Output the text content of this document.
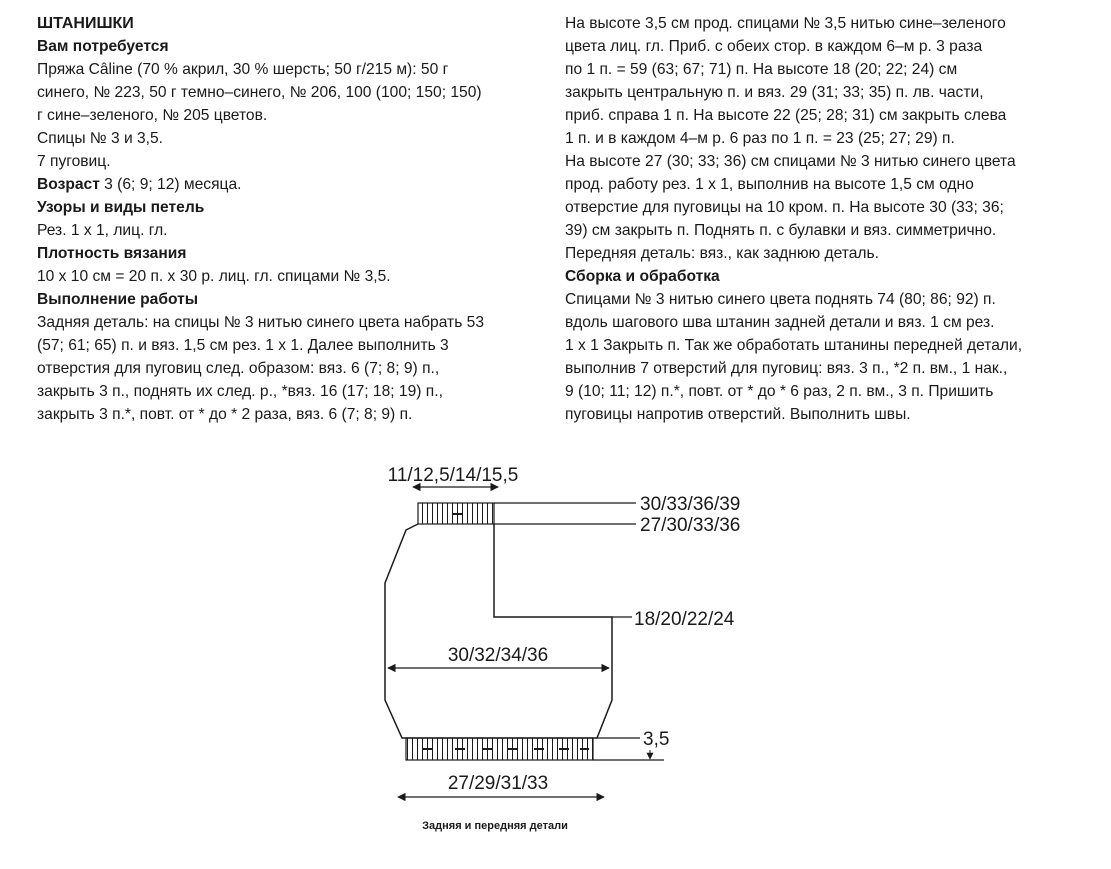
ШТАНИШКИ
Вам потребуется
Пряжа Câline (70 % акрил, 30 % шерсть; 50 г/215 м): 50 г
синего, № 223, 50 г темно–синего, № 206, 100 (100; 150; 150)
г сине–зеленого, № 205 цветов.
Спицы № 3 и 3,5.
7 пуговиц.
Возраст 3 (6; 9; 12) месяца.
Узоры и виды петель
Рез. 1 х 1, лиц. гл.
Плотность вязания
10 х 10 см = 20 п. х 30 р. лиц. гл. спицами № 3,5.
Выполнение работы
Задняя деталь: на спицы № 3 нитью синего цвета набрать 53
(57; 61; 65) п. и вяз. 1,5 см рез. 1 х 1. Далее выполнить 3
отверстия для пуговиц след. образом: вяз. 6 (7; 8; 9) п.,
закрыть 3 п., поднять их след. р., *вяз. 16 (17; 18; 19) п.,
закрыть 3 п.*, повт. от * до * 2 раза, вяз. 6 (7; 8; 9) п.
На высоте 3,5 см прод. спицами № 3,5 нитью сине–зеленого
цвета лиц. гл. Приб. с обеих стор. в каждом 6–м р. 3 раза
по 1 п. = 59 (63; 67; 71) п. На высоте 18 (20; 22; 24) см
закрыть центральную п. и вяз. 29 (31; 33; 35) п. лв. части,
приб. справа 1 п. На высоте 22 (25; 28; 31) см закрыть слева
1 п. и в каждом 4–м р. 6 раз по 1 п. = 23 (25; 27; 29) п.
На высоте 27 (30; 33; 36) см спицами № 3 нитью синего цвета
прод. работу рез. 1 х 1, выполнив на высоте 1,5 см одно
отверстие для пуговицы на 10 кром. п. На высоте 30 (33; 36;
39) см закрыть п. Поднять п. с булавки и вяз. симметрично.
Передняя деталь: вяз., как заднюю деталь.
Сборка и обработка
Спицами № 3 нитью синего цвета поднять 74 (80; 86; 92) п.
вдоль шагового шва штанин задней детали и вяз. 1 см рез.
1 х 1 Закрыть п. Так же обработать штанины передней детали,
выполнив 7 отверстий для пуговиц: вяз. 3 п., *2 п. вм., 1 нак.,
9 (10; 11; 12) п.*, повт. от * до * 6 раз, 2 п. вм., 3 п. Пришить
пуговицы напротив отверстий. Выполнить швы.
11/12,5/14/15,5
30/33/36/39
27/30/33/36
18/20/22/24
30/32/34/36
3,5
27/29/31/33
Задняя и передняя детали
